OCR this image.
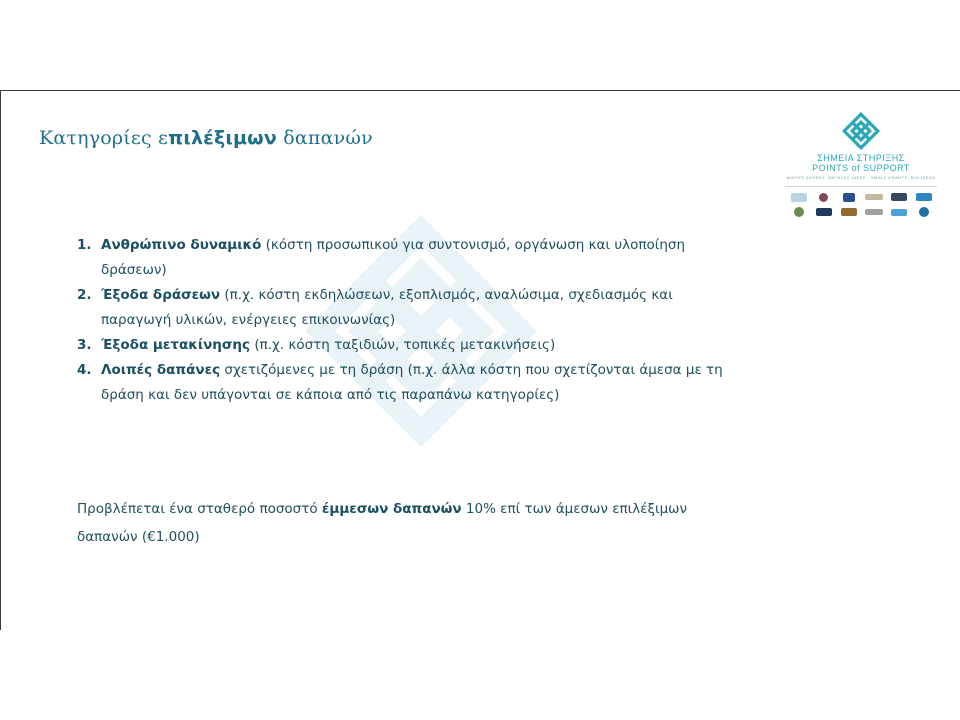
Κατηγορίες επιλέξιμων δαπανών
ΣΗΜΕΙΑ ΣΤΗΡΙΞΗΣ
POINTS of SUPPORT
ΜΙΚΡΕΣ ΔΩΡΕΕΣ, ΜΕΓΑΛΕΣ ΙΔΕΕΣ · SMALL GRANTS, BIG IDEAS
1. Ανθρώπινο δυναμικό (κόστη προσωπικού για συντονισμό, οργάνωση και υλοποίηση δράσεων)
2. Έξοδα δράσεων (π.χ. κόστη εκδηλώσεων, εξοπλισμός, αναλώσιμα, σχεδιασμός και παραγωγή υλικών, ενέργειες επικοινωνίας)
3. Έξοδα μετακίνησης (π.χ. κόστη ταξιδιών, τοπικές μετακινήσεις)
4. Λοιπές δαπάνες σχετιζόμενες με τη δράση (π.χ. άλλα κόστη που σχετίζονται άμεσα με τη δράση και δεν υπάγονται σε κάποια από τις παραπάνω κατηγορίες)
Προβλέπεται ένα σταθερό ποσοστό έμμεσων δαπανών 10% επί των άμεσων επιλέξιμων δαπανών (€1.000)
